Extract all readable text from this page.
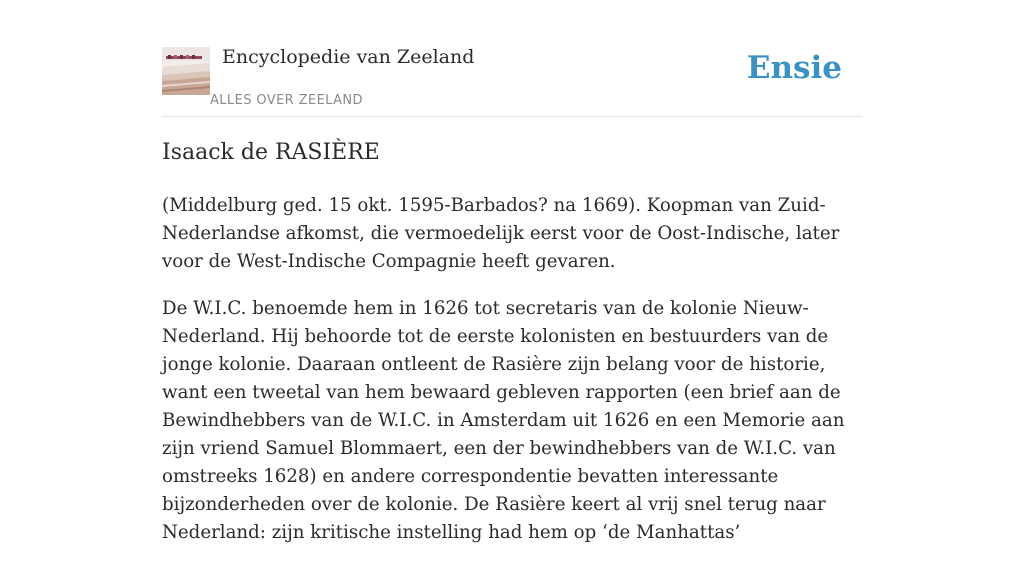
Encyclopedie van Zeeland
ALLES OVER ZEELAND
Ensie
Isaack de RASIÈRE

(Middelburg ged. 15 okt. 1595-Barbados? na 1669). Koopman van Zuid-Nederlandse afkomst, die vermoedelijk eerst voor de Oost-Indische, later voor de West-Indische Compagnie heeft gevaren.

De W.I.C. benoemde hem in 1626 tot secretaris van de kolonie Nieuw-Nederland. Hij behoorde tot de eerste kolonisten en bestuurders van de jonge kolonie. Daaraan ontleent de Rasière zijn belang voor de historie, want een tweetal van hem bewaard gebleven rapporten (een brief aan de Bewindhebbers van de W.I.C. in Amsterdam uit 1626 en een Memorie aan zijn vriend Samuel Blommaert, een der bewindhebbers van de W.I.C. van omstreeks 1628) en andere correspondentie bevatten interessante bijzonderheden over de kolonie. De Rasière keert al vrij snel terug naar Nederland: zijn kritische instelling had hem op ‘de Manhattas’
